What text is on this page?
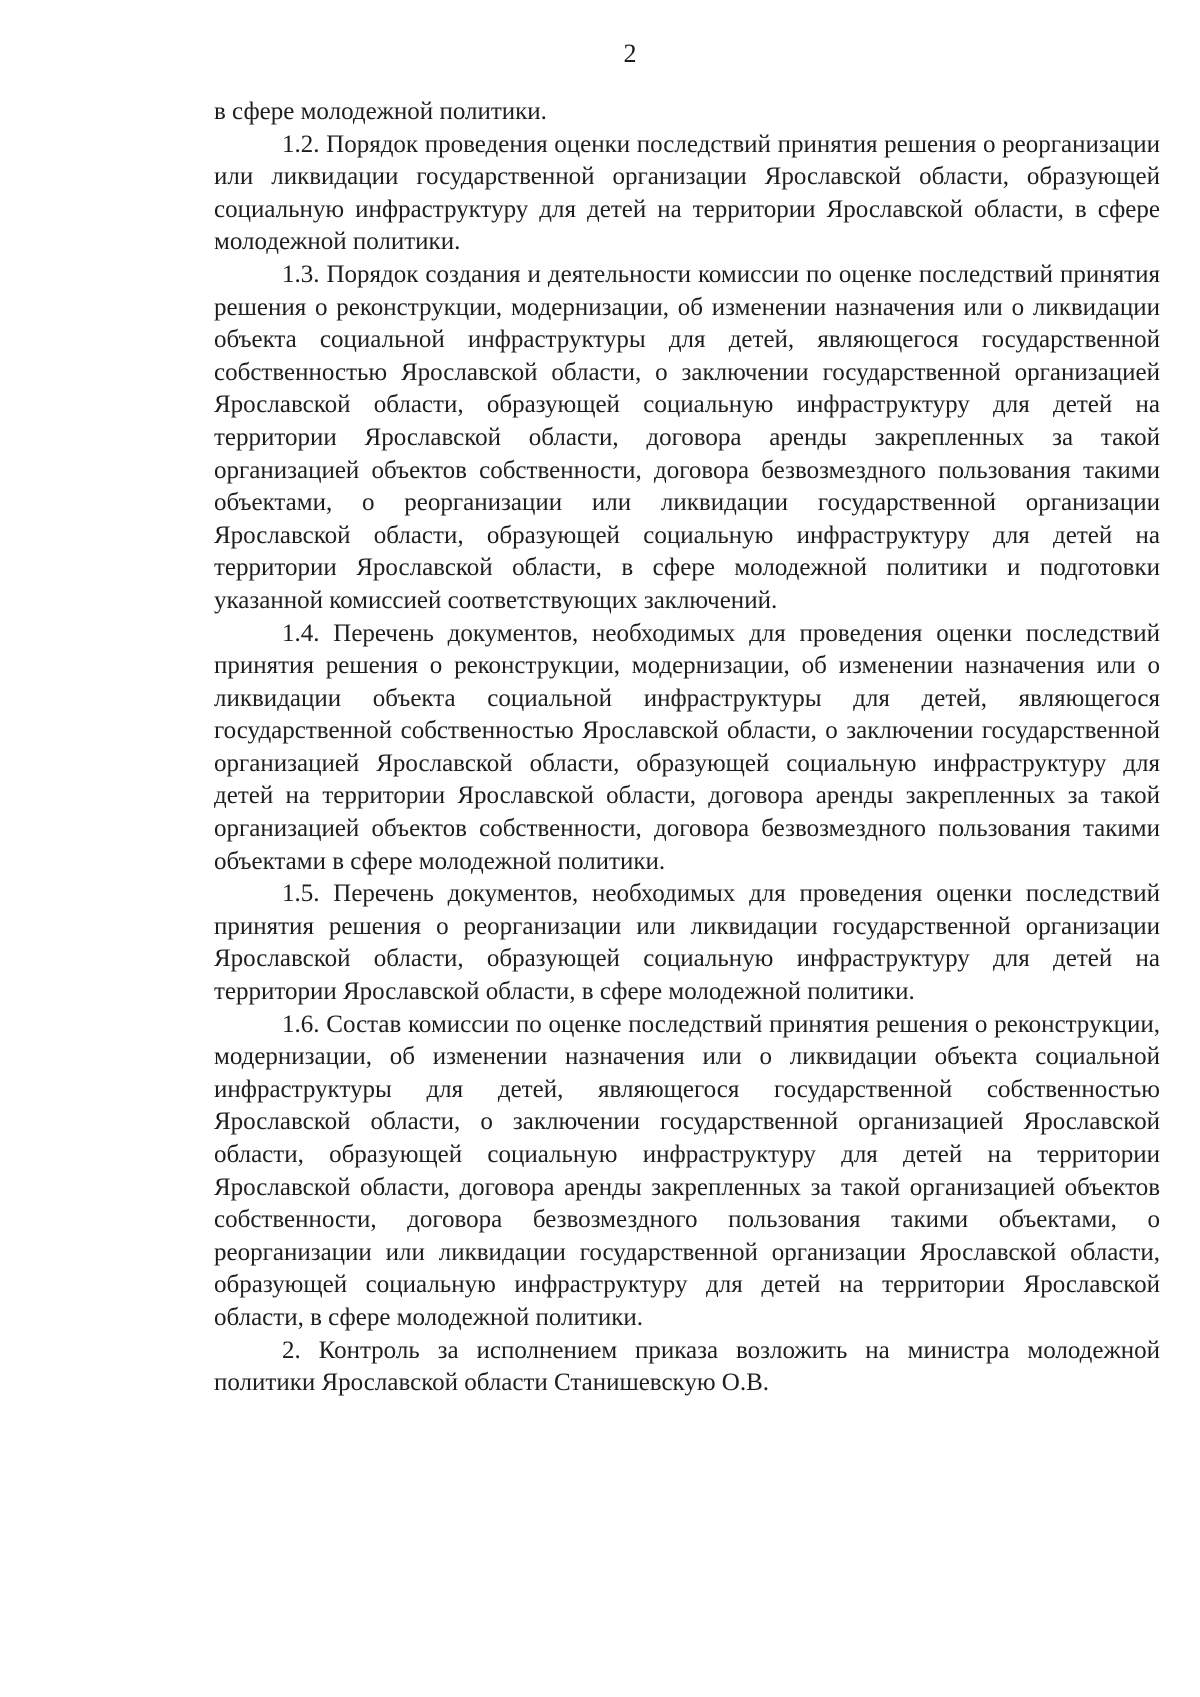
2

в сфере молодежной политики.

1.2. Порядок проведения оценки последствий принятия решения о реорганизации или ликвидации государственной организации Ярославской области, образующей социальную инфраструктуру для детей на территории Ярославской области, в сфере молодежной политики.

1.3. Порядок создания и деятельности комиссии по оценке последствий принятия решения о реконструкции, модернизации, об изменении назначения или о ликвидации объекта социальной инфраструктуры для детей, являющегося государственной собственностью Ярославской области, о заключении государственной организацией Ярославской области, образующей социальную инфраструктуру для детей на территории Ярославской области, договора аренды закрепленных за такой организацией объектов собственности, договора безвозмездного пользования такими объектами, о реорганизации или ликвидации государственной организации Ярославской области, образующей социальную инфраструктуру для детей на территории Ярославской области, в сфере молодежной политики и подготовки указанной комиссией соответствующих заключений.

1.4. Перечень документов, необходимых для проведения оценки последствий принятия решения о реконструкции, модернизации, об изменении назначения или о ликвидации объекта социальной инфраструктуры для детей, являющегося государственной собственностью Ярославской области, о заключении государственной организацией Ярославской области, образующей социальную инфраструктуру для детей на территории Ярославской области, договора аренды закрепленных за такой организацией объектов собственности, договора безвозмездного пользования такими объектами в сфере молодежной политики.

1.5. Перечень документов, необходимых для проведения оценки последствий принятия решения о реорганизации или ликвидации государственной организации Ярославской области, образующей социальную инфраструктуру для детей на территории Ярославской области, в сфере молодежной политики.

1.6. Состав комиссии по оценке последствий принятия решения о реконструкции, модернизации, об изменении назначения или о ликвидации объекта социальной инфраструктуры для детей, являющегося государственной собственностью Ярославской области, о заключении государственной организацией Ярославской области, образующей социальную инфраструктуру для детей на территории Ярославской области, договора аренды закрепленных за такой организацией объектов собственности, договора безвозмездного пользования такими объектами, о реорганизации или ликвидации государственной организации Ярославской области, образующей социальную инфраструктуру для детей на территории Ярославской области, в сфере молодежной политики.

2. Контроль за исполнением приказа возложить на министра молодежной политики Ярославской области Станишевскую О.В.
